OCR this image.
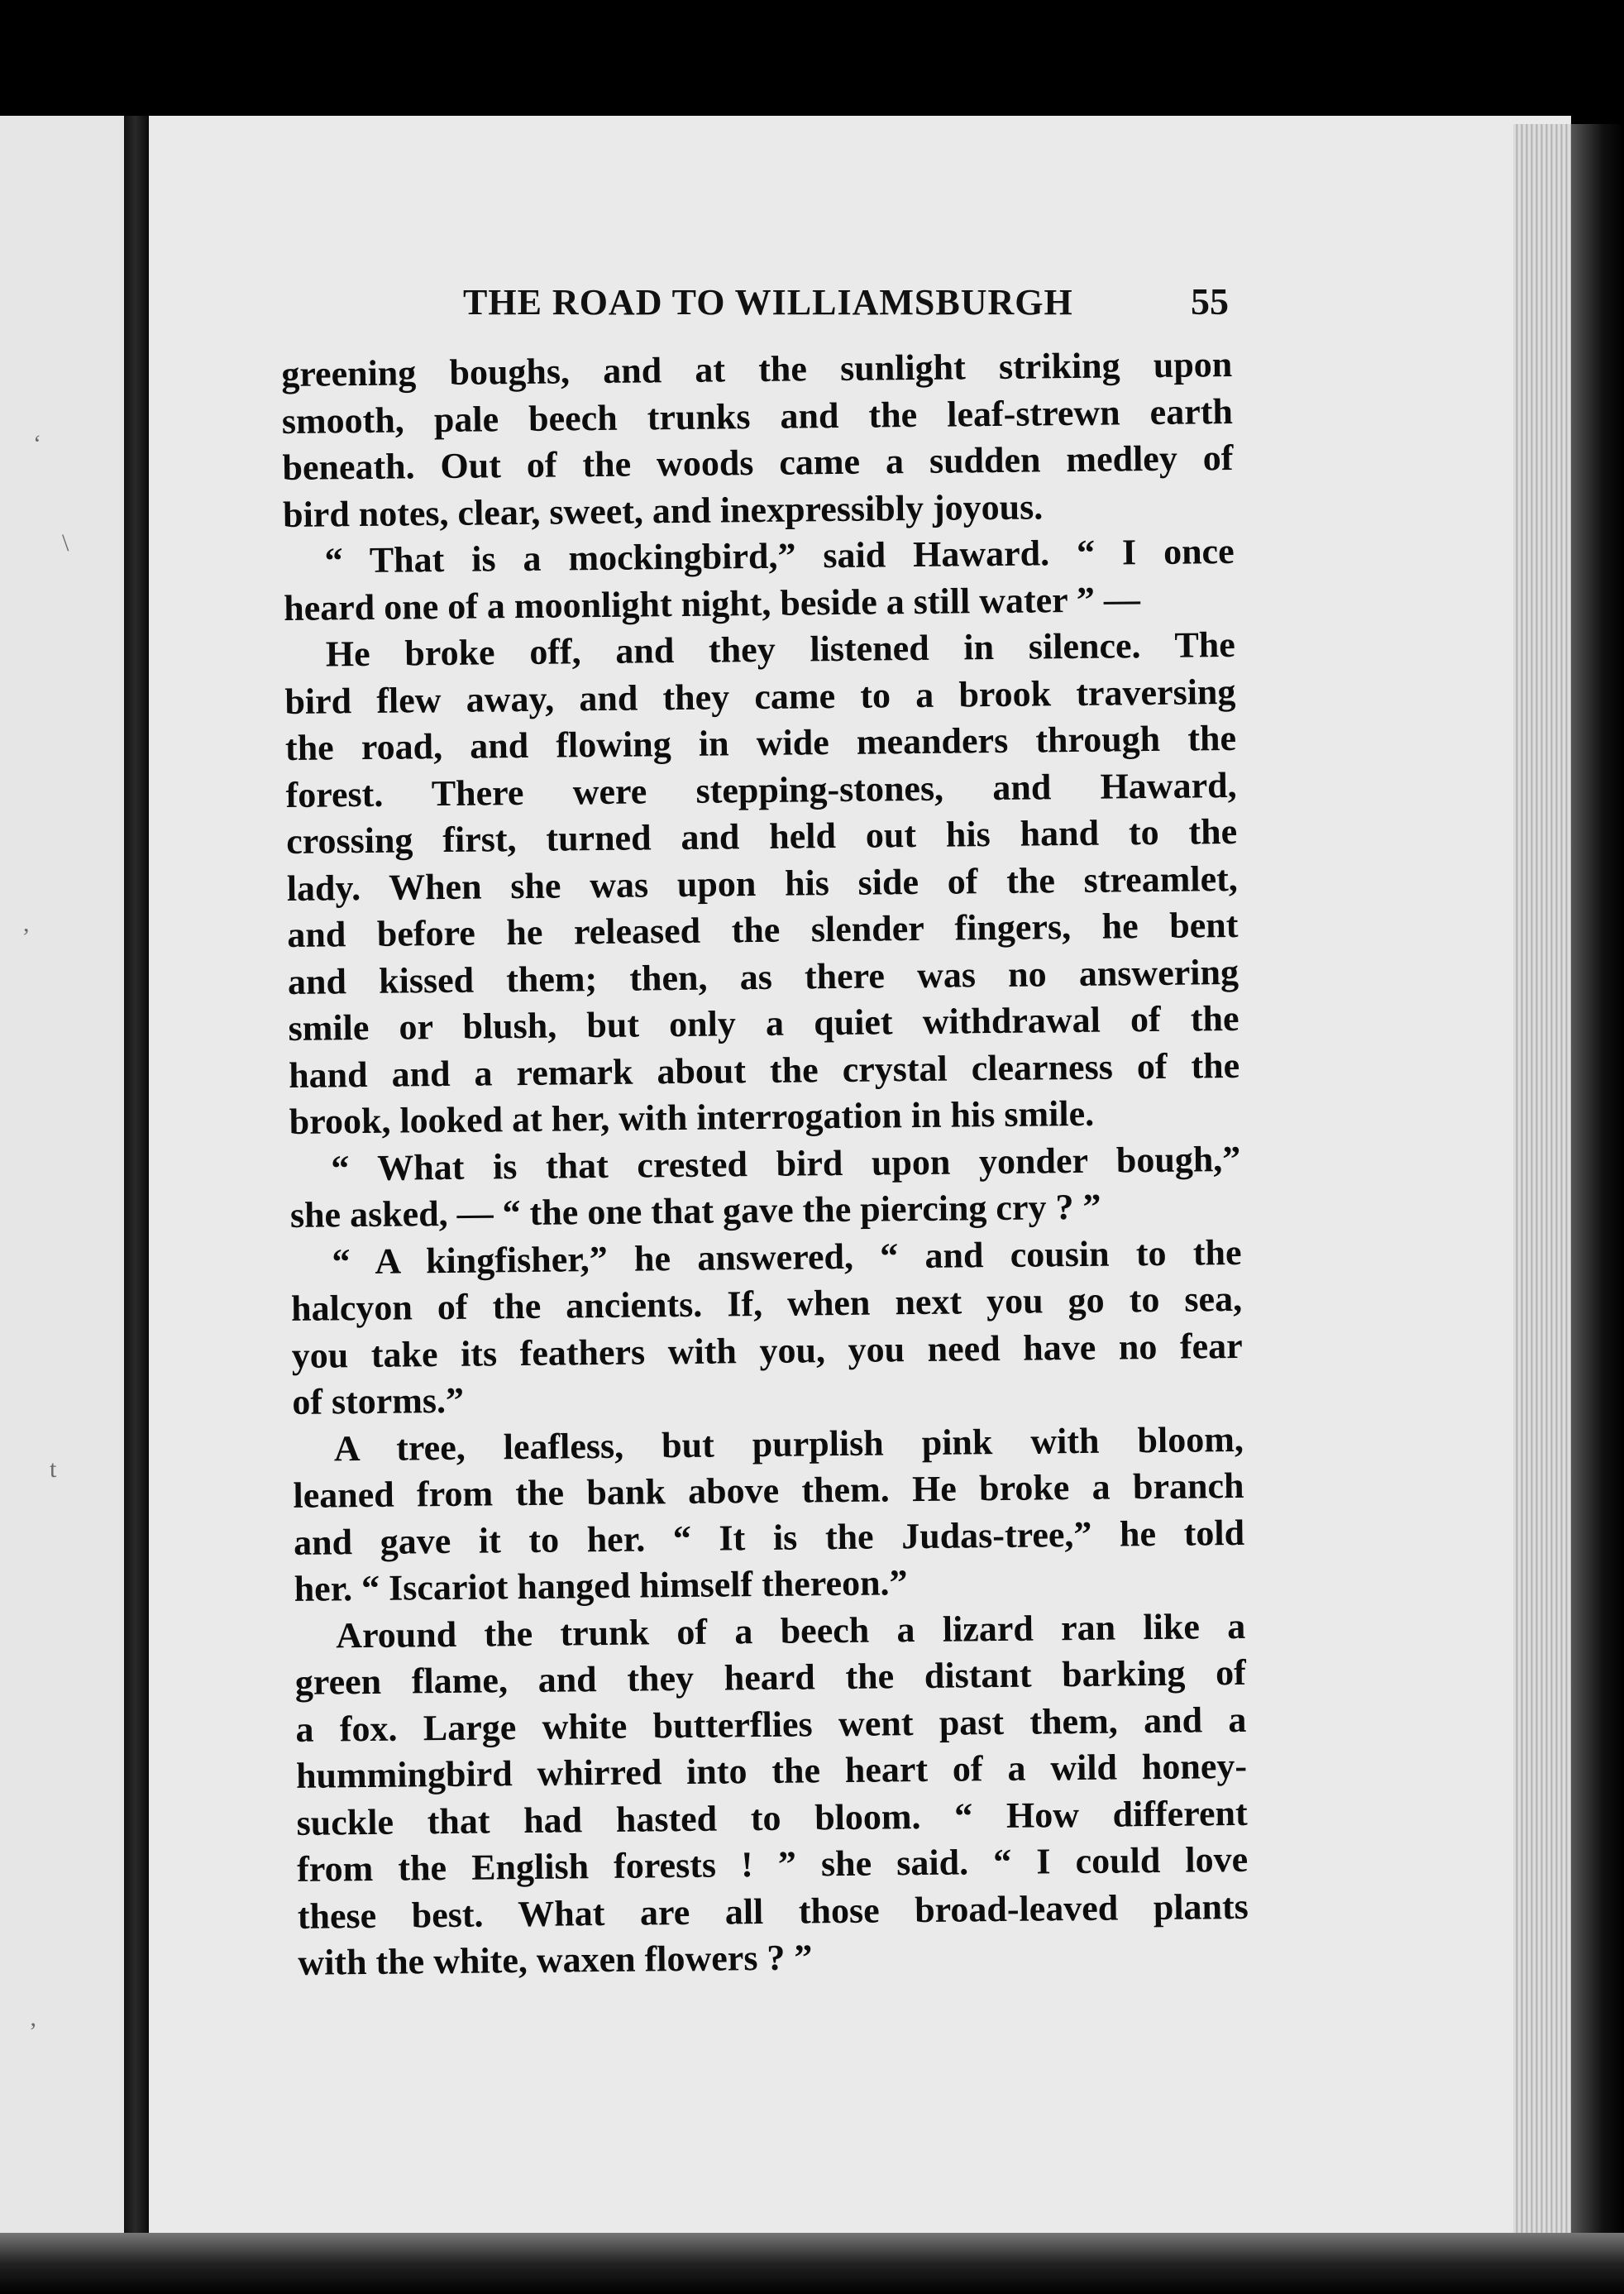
‘
\
,
t
’
THE ROAD TO WILLIAMSBURGH	55
greening boughs, and at the sunlight striking upon
smooth, pale beech trunks and the leaf-strewn earth
beneath. Out of the woods came a sudden medley of
bird notes, clear, sweet, and inexpressibly joyous.
“ That is a mockingbird,” said Haward. “ I once
heard one of a moonlight night, beside a still water ” —
He broke off, and they listened in silence. The
bird flew away, and they came to a brook traversing
the road, and flowing in wide meanders through the
forest. There were stepping-stones, and Haward,
crossing first, turned and held out his hand to the
lady. When she was upon his side of the streamlet,
and before he released the slender fingers, he bent
and kissed them; then, as there was no answering
smile or blush, but only a quiet withdrawal of the
hand and a remark about the crystal clearness of the
brook, looked at her, with interrogation in his smile.
“ What is that crested bird upon yonder bough,”
she asked, — “ the one that gave the piercing cry ? ”
“ A kingfisher,” he answered, “ and cousin to the
halcyon of the ancients. If, when next you go to sea,
you take its feathers with you, you need have no fear
of storms.”
A tree, leafless, but purplish pink with bloom,
leaned from the bank above them. He broke a branch
and gave it to her. “ It is the Judas-tree,” he told
her. “ Iscariot hanged himself thereon.”
Around the trunk of a beech a lizard ran like a
green flame, and they heard the distant barking of
a fox. Large white butterflies went past them, and a
hummingbird whirred into the heart of a wild honey-
suckle that had hasted to bloom. “ How different
from the English forests ! ” she said. “ I could love
these best. What are all those broad-leaved plants
with the white, waxen flowers ? ”
